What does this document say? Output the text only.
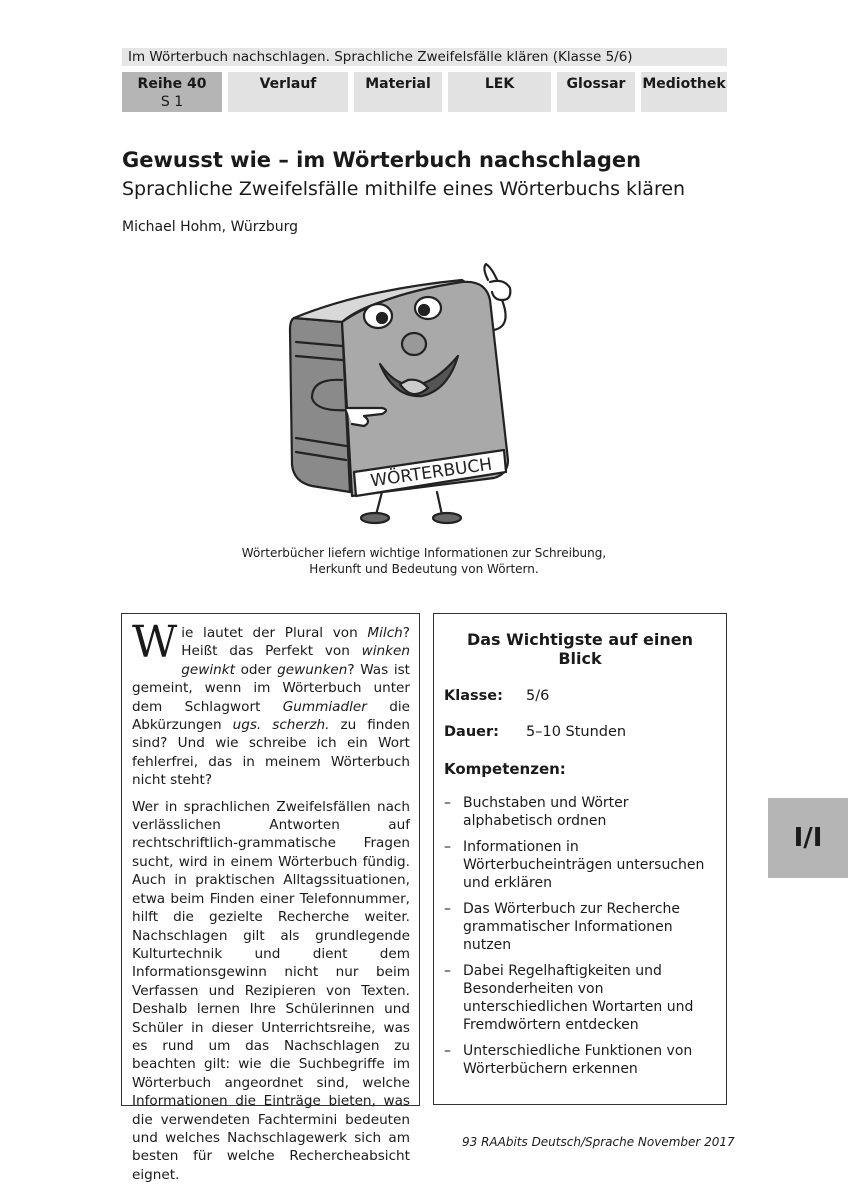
Im Wörterbuch nachschlagen. Sprachliche Zweifelsfälle klären (Klasse 5/6)
Reihe 40
S 1
Verlauf	Material	LEK	Glossar	Mediothek
Gewusst wie – im Wörterbuch nachschlagen
Sprachliche Zweifelsfälle mithilfe eines Wörterbuchs klären
Michael Hohm, Würzburg
WÖRTERBUCH
Wörterbücher liefern wichtige Informationen zur Schreibung,
Herkunft und Bedeutung von Wörtern.

Wie lautet der Plural von Milch? Heißt das Perfekt von winken gewinkt oder gewunken? Was ist gemeint, wenn im Wörterbuch unter dem Schlagwort Gummiadler die Abkürzungen ugs. scherzh. zu finden sind? Und wie schreibe ich ein Wort fehlerfrei, das in meinem Wörterbuch nicht steht?

Wer in sprachlichen Zweifelsfällen nach verlässlichen Antworten auf rechtschriftlich-grammatische Fragen sucht, wird in einem Wörterbuch fündig. Auch in praktischen Alltagssituationen, etwa beim Finden einer Telefonnummer, hilft die gezielte Recherche weiter. Nachschlagen gilt als grundlegende Kulturtechnik und dient dem Informationsgewinn nicht nur beim Verfassen und Rezipieren von Texten. Deshalb lernen Ihre Schülerinnen und Schüler in dieser Unterrichtsreihe, was es rund um das Nachschlagen zu beachten gilt: wie die Suchbegriffe im Wörterbuch angeordnet sind, welche Informationen die Einträge bieten, was die verwendeten Fachtermini bedeuten und welches Nachschlagewerk sich am besten für welche Rechercheabsicht eignet.

Das Wichtigste auf einen Blick
Klasse:	5/6
Dauer:	5–10 Stunden
Kompetenzen:
– Buchstaben und Wörter alphabetisch ordnen
– Informationen in Wörterbucheinträgen untersuchen und erklären
– Das Wörterbuch zur Recherche grammatischer Informationen nutzen
– Dabei Regelhaftigkeiten und Besonderheiten von unterschiedlichen Wortarten und Fremdwörtern entdecken
– Unterschiedliche Funktionen von Wörterbüchern erkennen
I/I
93 RAAbits Deutsch/Sprache November 2017
